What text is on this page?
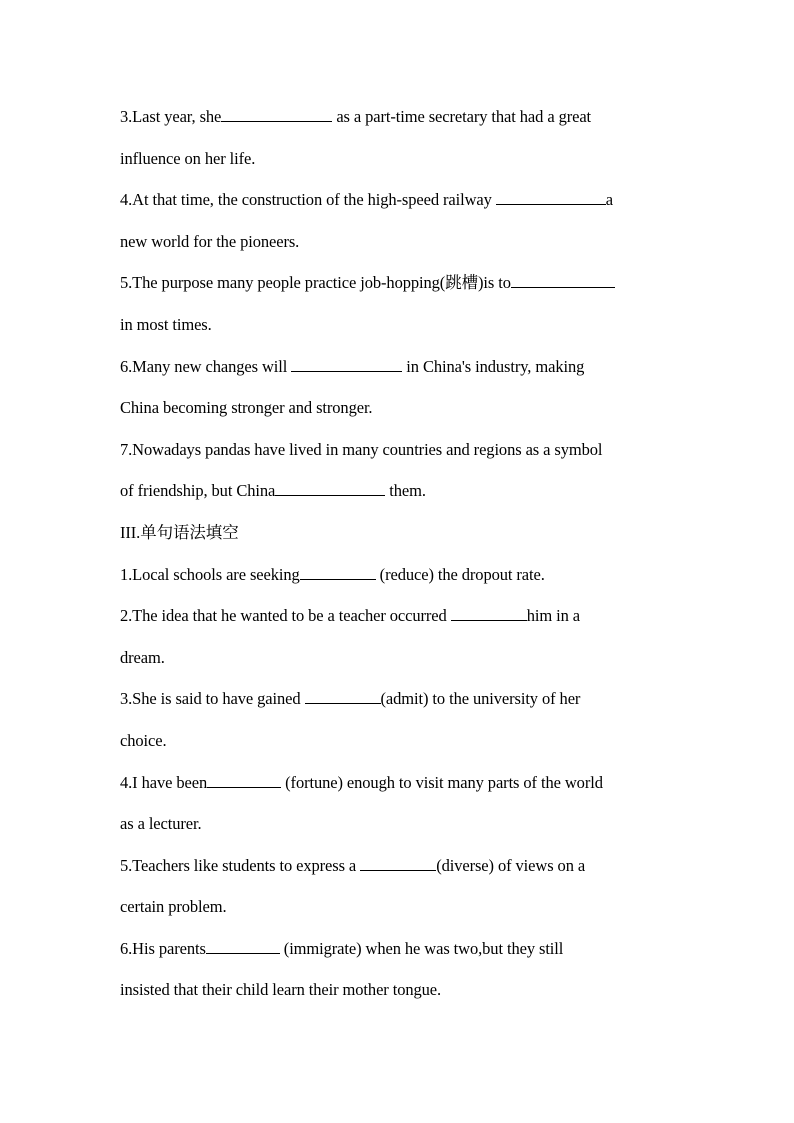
3.Last year, she	as a part-time secretary that had a great
influence on her life.
4.At that time, the construction of the high-speed railway	a
new world for the pioneers.
5.The purpose many people practice job-hopping(跳槽)is to
in most times.
6.Many new changes will	in China's industry, making
China becoming stronger and stronger.
7.Nowadays pandas have lived in many countries and regions as a symbol
of friendship, but China	them.
III.单句语法填空
1.Local schools are seeking	(reduce) the dropout rate.
2.The idea that he wanted to be a teacher occurred	him in a
dream.
3.She is said to have gained	(admit) to the university of her
choice.
4.I have been	(fortune) enough to visit many parts of the world
as a lecturer.
5.Teachers like students to express a	(diverse) of views on a
certain problem.
6.His parents	(immigrate) when he was two,but they still
insisted that their child learn their mother tongue.
